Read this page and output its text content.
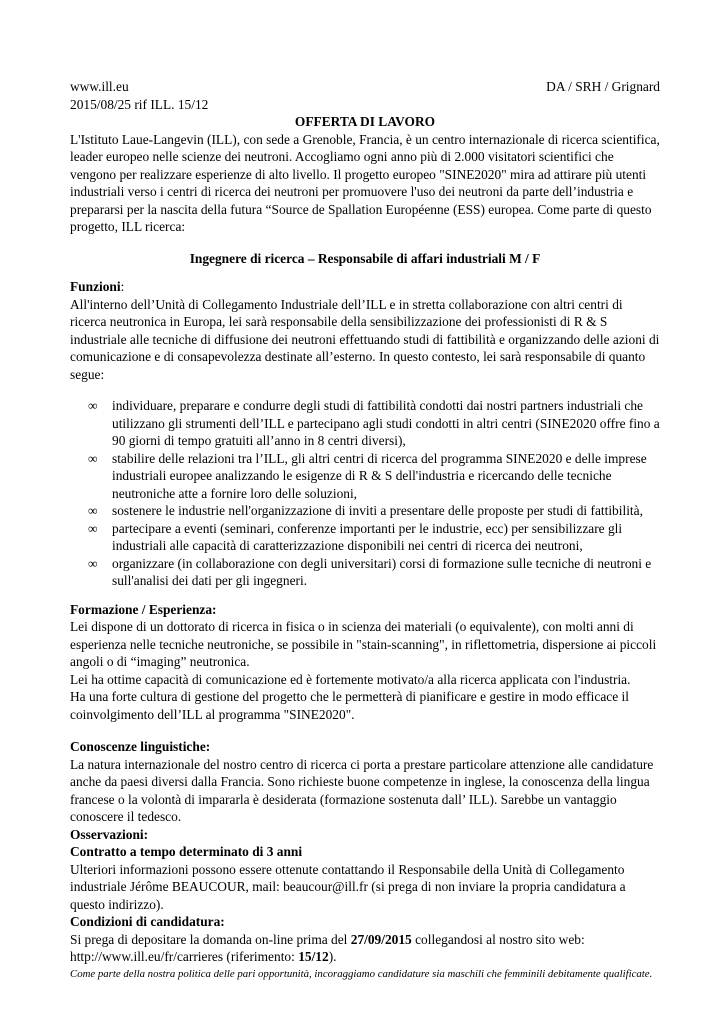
www.ill.eu	DA / SRH / Grignard
2015/08/25 rif ILL. 15/12
OFFERTA DI LAVORO
L'Istituto Laue-Langevin (ILL), con sede a Grenoble, Francia, è un centro internazionale di ricerca scientifica, leader europeo nelle scienze dei neutroni. Accogliamo ogni anno più di 2.000 visitatori scientifici che vengono per realizzare esperienze di alto livello. Il progetto europeo "SINE2020" mira ad attirare più utenti industriali verso i centri di ricerca dei neutroni per promuovere l'uso dei neutroni da parte dell’industria e prepararsi per la nascita della futura “Source de Spallation Européenne (ESS) europea. Come parte di questo progetto, ILL ricerca:
Ingegnere di ricerca – Responsabile di affari industriali M / F
Funzioni:
All'interno dell’Unità di Collegamento Industriale dell’ILL e in stretta collaborazione con altri centri di ricerca neutronica in Europa, lei sarà responsabile della sensibilizzazione dei professionisti di R & S industriale alle tecniche di diffusione dei neutroni effettuando studi di fattibilità e organizzando delle azioni di comunicazione e di consapevolezza destinate all’esterno. In questo contesto, lei sarà responsabile di quanto segue:
∞	individuare, preparare e condurre degli studi di fattibilità condotti dai nostri partners industriali che utilizzano gli strumenti dell’ILL e partecipano agli studi condotti in altri centri (SINE2020 offre fino a 90 giorni di tempo gratuiti all’anno in 8 centri diversi),
∞	stabilire delle relazioni tra l’ILL, gli altri centri di ricerca del programma SINE2020 e delle imprese industriali europee analizzando le esigenze di R & S dell'industria e ricercando delle tecniche neutroniche atte a fornire loro delle soluzioni,
∞	sostenere le industrie nell'organizzazione di inviti a presentare delle proposte per studi di fattibilità,
∞	partecipare a eventi (seminari, conferenze importanti per le industrie, ecc) per sensibilizzare gli industriali alle capacità di caratterizzazione disponibili nei centri di ricerca dei neutroni,
∞	organizzare (in collaborazione con degli universitari) corsi di formazione sulle tecniche di neutroni e sull'analisi dei dati per gli ingegneri.
Formazione / Esperienza:
Lei dispone di un dottorato di ricerca in fisica o in scienza dei materiali (o equivalente), con molti anni di esperienza nelle tecniche neutroniche, se possibile in "stain-scanning", in riflettometria, dispersione ai piccoli angoli o di “imaging” neutronica.
Lei ha ottime capacità di comunicazione ed è fortemente motivato/a alla ricerca applicata con l'industria.
Ha una forte cultura di gestione del progetto che le permetterà di pianificare e gestire in modo efficace il coinvolgimento dell’ILL al programma "SINE2020".
Conoscenze linguistiche:
La natura internazionale del nostro centro di ricerca ci porta a prestare particolare attenzione alle candidature anche da paesi diversi dalla Francia. Sono richieste buone competenze in inglese, la conoscenza della lingua francese o la volontà di impararla è desiderata (formazione sostenuta dall’ ILL). Sarebbe un vantaggio conoscere il tedesco.
Osservazioni:
Contratto a tempo determinato di 3 anni
Ulteriori informazioni possono essere ottenute contattando il Responsabile della Unità di Collegamento industriale Jérôme BEAUCOUR, mail: beaucour@ill.fr (si prega di non inviare la propria candidatura a questo indirizzo).
Condizioni di candidatura:
Si prega di depositare la domanda on-line prima del 27/09/2015 collegandosi al nostro sito web: http://www.ill.eu/fr/carrieres (riferimento: 15/12).
Come parte della nostra politica delle pari opportunità, incoraggiamo candidature sia maschili che femminili debitamente qualificate.
